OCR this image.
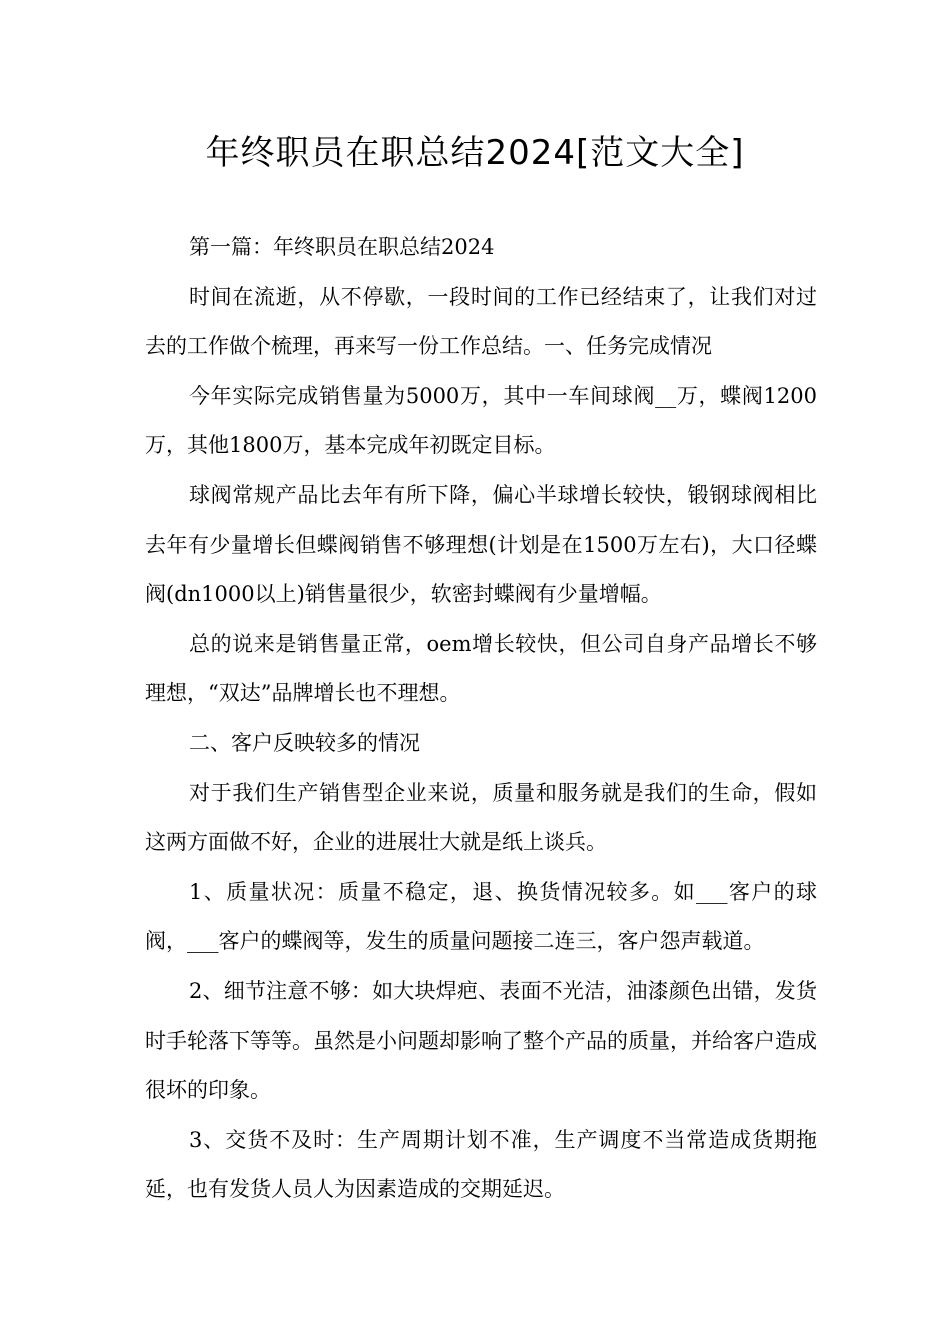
年终职员在职总结2024[范文大全]

第一篇：年终职员在职总结2024

时间在流逝，从不停歇，一段时间的工作已经结束了，让我们对过去的工作做个梳理，再来写一份工作总结。一、任务完成情况

今年实际完成销售量为5000万，其中一车间球阀__万，蝶阀1200万，其他1800万，基本完成年初既定目标。

球阀常规产品比去年有所下降，偏心半球增长较快，锻钢球阀相比去年有少量增长但蝶阀销售不够理想(计划是在1500万左右)，大口径蝶阀(dn1000以上)销售量很少，软密封蝶阀有少量增幅。

总的说来是销售量正常，oem增长较快，但公司自身产品增长不够理想，“双达”品牌增长也不理想。

二、客户反映较多的情况

对于我们生产销售型企业来说，质量和服务就是我们的生命，假如这两方面做不好，企业的进展壮大就是纸上谈兵。

1、质量状况：质量不稳定，退、换货情况较多。如___客户的球阀，___客户的蝶阀等，发生的质量问题接二连三，客户怨声载道。

2、细节注意不够：如大块焊疤、表面不光洁，油漆颜色出错，发货时手轮落下等等。虽然是小问题却影响了整个产品的质量，并给客户造成很坏的印象。

3、交货不及时：生产周期计划不准，生产调度不当常造成货期拖延，也有发货人员人为因素造成的交期延迟。
